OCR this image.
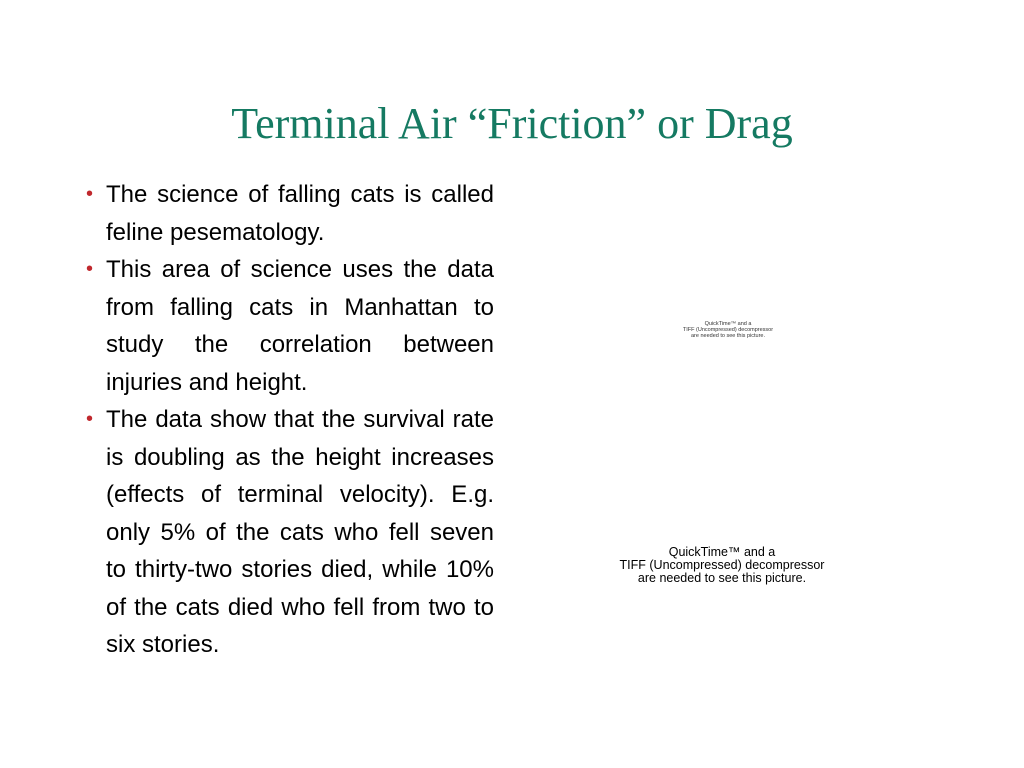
Terminal Air “Friction” or Drag
• The science of falling cats is called feline pesematology.
• This area of science uses the data from falling cats in Manhattan to study the correlation between injuries and height.
• The data show that the survival rate is doubling as the height increases (effects of terminal velocity). E.g. only 5% of the cats who fell seven to thirty-two stories died, while 10% of the cats died who fell from two to six stories.
QuickTime™ and a
TIFF (Uncompressed) decompressor
are needed to see this picture.
QuickTime™ and a
TIFF (Uncompressed) decompressor
are needed to see this picture.
